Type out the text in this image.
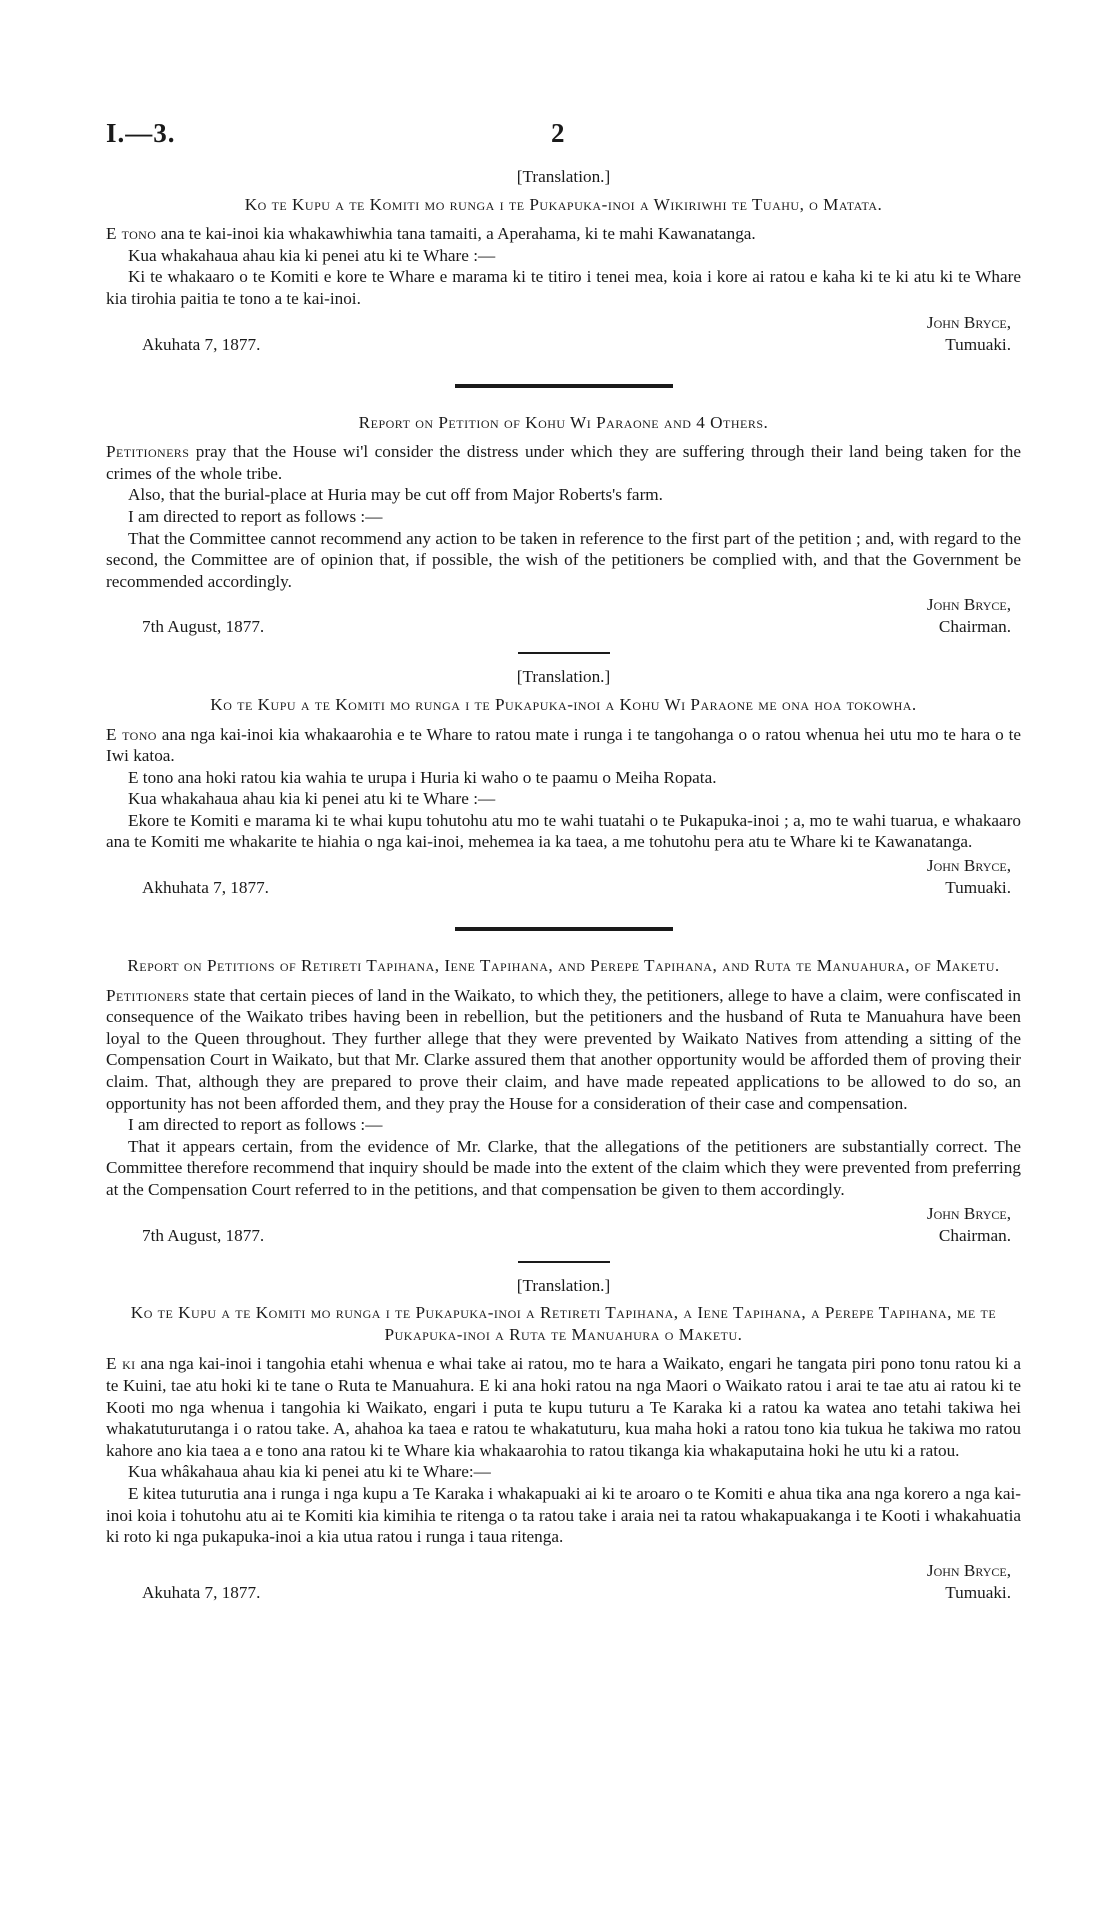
I.—3.	2

[Translation.]

Ko te Kupu a te Komiti mo runga i te Pukapuka-inoi a Wikiriwhi te Tuahu, o Matata.

E tono ana te kai-inoi kia whakawhiwhia tana tamaiti, a Aperahama, ki te mahi Kawanatanga.

Kua whakahaua ahau kia ki penei atu ki te Whare :—

Ki te whakaaro o te Komiti e kore te Whare e marama ki te titiro i tenei mea, koia i kore ai ratou e kaha ki te ki atu ki te Whare kia tirohia paitia te tono a te kai-inoi.

Akuhata 7, 1877.
John Bryce,
Tumuaki.

Report on Petition of Kohu Wi Paraone and 4 Others.

Petitioners pray that the House wi'l consider the distress under which they are suffering through their land being taken for the crimes of the whole tribe.

Also, that the burial-place at Huria may be cut off from Major Roberts's farm.

I am directed to report as follows :—

That the Committee cannot recommend any action to be taken in reference to the first part of the petition ; and, with regard to the second, the Committee are of opinion that, if possible, the wish of the petitioners be complied with, and that the Government be recommended accordingly.

7th August, 1877.
John Bryce,
Chairman.

[Translation.]

Ko te Kupu a te Komiti mo runga i te Pukapuka-inoi a Kohu Wi Paraone me ona hoa tokowha.

E tono ana nga kai-inoi kia whakaarohia e te Whare to ratou mate i runga i te tangohanga o o ratou whenua hei utu mo te hara o te Iwi katoa.

E tono ana hoki ratou kia wahia te urupa i Huria ki waho o te paamu o Meiha Ropata.

Kua whakahaua ahau kia ki penei atu ki te Whare :—

Ekore te Komiti e marama ki te whai kupu tohutohu atu mo te wahi tuatahi o te Pukapuka-inoi ; a, mo te wahi tuarua, e whakaaro ana te Komiti me whakarite te hiahia o nga kai-inoi, mehemea ia ka taea, a me tohutohu pera atu te Whare ki te Kawanatanga.

Akhuhata 7, 1877.
John Bryce,
Tumuaki.

Report on Petitions of Retireti Tapihana, Iene Tapihana, and Perepe Tapihana, and Ruta te Manuahura, of Maketu.

Petitioners state that certain pieces of land in the Waikato, to which they, the petitioners, allege to have a claim, were confiscated in consequence of the Waikato tribes having been in rebellion, but the petitioners and the husband of Ruta te Manuahura have been loyal to the Queen throughout. They further allege that they were prevented by Waikato Natives from attending a sitting of the Compensation Court in Waikato, but that Mr. Clarke assured them that another opportunity would be afforded them of proving their claim. That, although they are prepared to prove their claim, and have made repeated applications to be allowed to do so, an opportunity has not been afforded them, and they pray the House for a consideration of their case and compensation.

I am directed to report as follows :—

That it appears certain, from the evidence of Mr. Clarke, that the allegations of the petitioners are substantially correct. The Committee therefore recommend that inquiry should be made into the extent of the claim which they were prevented from preferring at the Compensation Court referred to in the petitions, and that compensation be given to them accordingly.

7th August, 1877.
John Bryce,
Chairman.

[Translation.]

Ko te Kupu a te Komiti mo runga i te Pukapuka-inoi a Retireti Tapihana, a Iene Tapihana, a Perepe Tapihana, me te Pukapuka-inoi a Ruta te Manuahura o Maketu.

E ki ana nga kai-inoi i tangohia etahi whenua e whai take ai ratou, mo te hara a Waikato, engari he tangata piri pono tonu ratou ki a te Kuini, tae atu hoki ki te tane o Ruta te Manuahura. E ki ana hoki ratou na nga Maori o Waikato ratou i arai te tae atu ai ratou ki te Kooti mo nga whenua i tangohia ki Waikato, engari i puta te kupu tuturu a Te Karaka ki a ratou ka watea ano tetahi takiwa hei whakatuturutanga i o ratou take. A, ahahoa ka taea e ratou te whakatuturu, kua maha hoki a ratou tono kia tukua he takiwa mo ratou kahore ano kia taea a e tono ana ratou ki te Whare kia whakaarohia to ratou tikanga kia whakaputaina hoki he utu ki a ratou.

Kua whâkahaua ahau kia ki penei atu ki te Whare:—

E kitea tuturutia ana i runga i nga kupu a Te Karaka i whakapuaki ai ki te aroaro o te Komiti e ahua tika ana nga korero a nga kai-inoi koia i tohutohu atu ai te Komiti kia kimihia te ritenga o ta ratou take i araia nei ta ratou whakapuakanga i te Kooti i whakahuatia ki roto ki nga pukapuka-inoi a kia utua ratou i runga i taua ritenga.

Akuhata 7, 1877.
John Bryce,
Tumuaki.
